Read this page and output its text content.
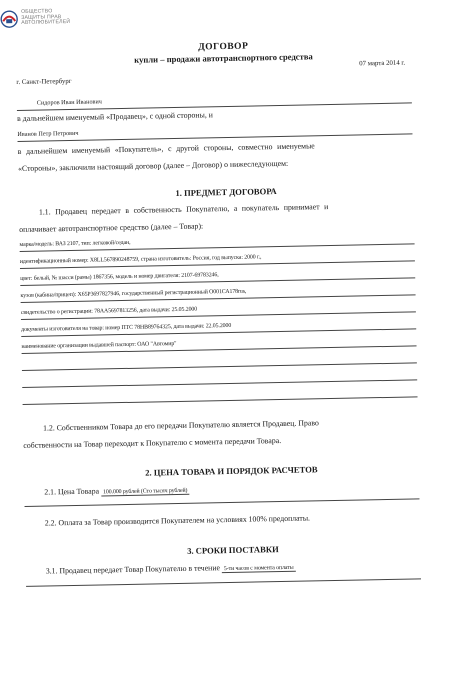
ОБЩЕСТВО
ЗАЩИТЫ ПРАВ
АВТОЛЮБИТЕЛЕЙ
ДОГОВОР
купли – продажи автотранспортного средства	07 марта 2014 г.
г. Санкт-Петербург
Сидоров Иван Иванович
в дальнейшем именуемый «Продавец», с одной стороны, и
Иванов Петр Петрович
в дальнейшем именуемый «Покупатель», с другой стороны, совместно именуемые
«Стороны», заключили настоящий договор (далее – Договор) о нижеследующем:
1. ПРЕДМЕТ ДОГОВОРА
1.1. Продавец передает в собственность Покупателю, а покупатель принимает и
оплачивает автотранспортное средство (далее – Товар):
марка/модель: ВАЗ 2107, тип: легковой/седан,
идентификационный номер: X8LL567890248759, страна изготовитель: Россия, год выпуска: 2000 г.,
цвет: белый, № шасси (рамы) 1867356, модель и номер двигателя: 2107-69783246,
кузов (кабина/прицеп): X65P3697827946, государственный регистрационный О001СА178rus,
свидетельство о регистрации: 78АА5697813256, дата выдачи: 25.05.2000
документы изготовителя на товар: номер ПТС 78НВ89764325, дата выдачи: 22.05.2000
наименование организации выдавшей паспорт: ОАО "Автомир"
1.2. Собственником Товара до его передачи Покупателю является Продавец. Право
собственности на Товар переходит к Покупателю с момента передачи Товара.
2. ЦЕНА ТОВАРА И ПОРЯДОК РАСЧЕТОВ
2.1. Цена Товара 100.000 рублей (Сто тысяч рублей)
2.2. Оплата за Товар производится Покупателем на условиях 100% предоплаты.
3. СРОКИ ПОСТАВКИ
3.1. Продавец передает Товар Покупателю в течение 5-ти часов с момента оплаты
